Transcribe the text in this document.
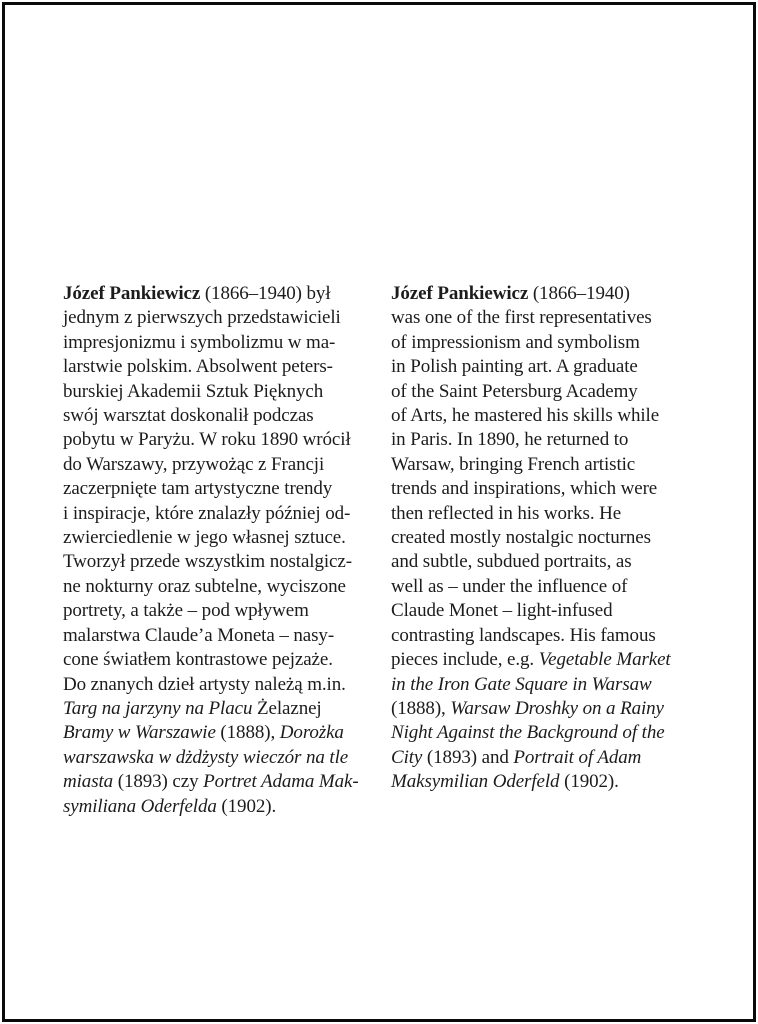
Józef Pankiewicz (1866–1940) był
jednym z pierwszych przedstawicieli
impresjonizmu i symbolizmu w ma-
larstwie polskim. Absolwent peters-
burskiej Akademii Sztuk Pięknych
swój warsztat doskonalił podczas
pobytu w Paryżu. W roku 1890 wrócił
do Warszawy, przywożąc z Francji
zaczerpnięte tam artystyczne trendy
i inspiracje, które znalazły później od-
zwierciedlenie w jego własnej sztuce.
Tworzył przede wszystkim nostalgicz-
ne nokturny oraz subtelne, wyciszone
portrety, a także – pod wpływem
malarstwa Claude’a Moneta – nasy-
cone światłem kontrastowe pejzaże.
Do znanych dzieł artysty należą m.in.
Targ na jarzyny na Placu Żelaznej
Bramy w Warszawie (1888), Dorożka
warszawska w dżdżysty wieczór na tle
miasta (1893) czy Portret Adama Mak-
symiliana Oderfelda (1902).
Józef Pankiewicz (1866–1940)
was one of the first representatives
of impressionism and symbolism
in Polish painting art. A graduate
of the Saint Petersburg Academy
of Arts, he mastered his skills while
in Paris. In 1890, he returned to
Warsaw, bringing French artistic
trends and inspirations, which were
then reflected in his works. He
created mostly nostalgic nocturnes
and subtle, subdued portraits, as
well as – under the influence of
Claude Monet – light-infused
contrasting landscapes. His famous
pieces include, e.g. Vegetable Market
in the Iron Gate Square in Warsaw
(1888), Warsaw Droshky on a Rainy
Night Against the Background of the
City (1893) and Portrait of Adam
Maksymilian Oderfeld (1902).
